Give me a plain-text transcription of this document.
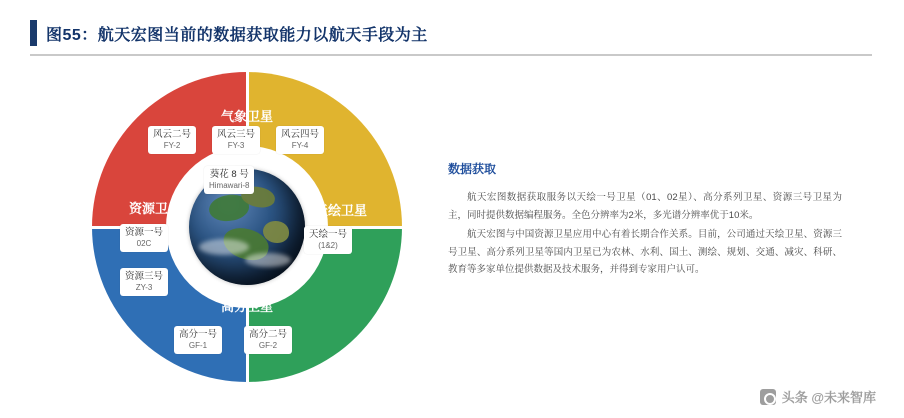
图55：航天宏图当前的数据获取能力以航天手段为主
气象卫星
天绘卫星
高分卫星
资源卫星
风云二号
FY-2
风云三号
FY-3
风云四号
FY-4
葵花 8 号
Himawari-8
天绘一号
(1&2)
高分一号
GF-1
高分二号
GF-2
资源一号
02C
资源三号
ZY-3
数据获取

航天宏图数据获取服务以天绘一号卫星（01、02星）、高分系列卫星、资源三号卫星为主，同时提供数据编程服务。全色分辨率为2米，多光谱分辨率优于10米。

航天宏图与中国资源卫星应用中心有着长期合作关系。目前，公司通过天绘卫星、资源三号卫星、高分系列卫星等国内卫星已为农林、水利、国土、测绘、规划、交通、减灾、科研、教育等多家单位提供数据及技术服务，并得到专家用户认可。

头条 @未来智库
